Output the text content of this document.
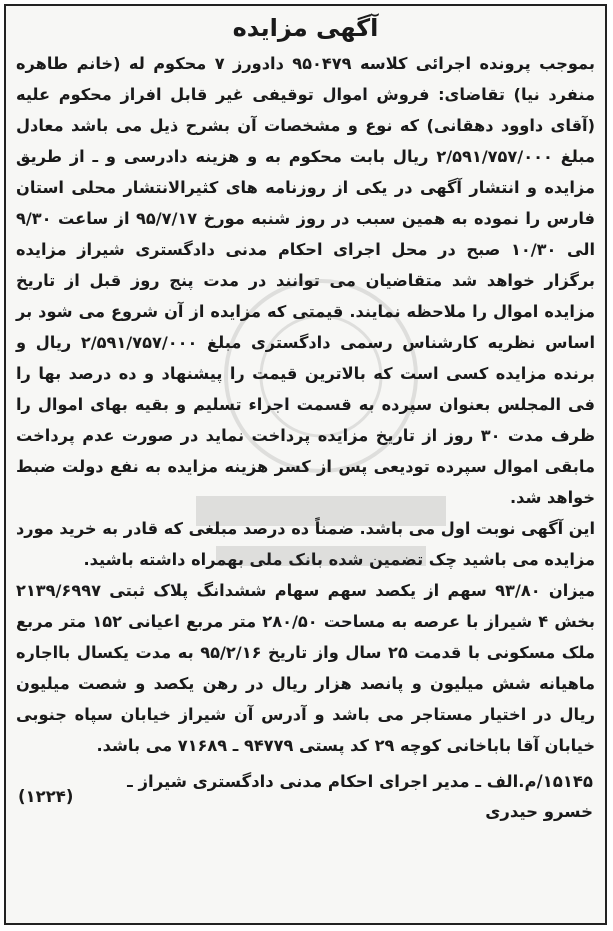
آگهی مزایده

بموجب پرونده اجرائی کلاسه ۹۵۰۴۷۹ دادورز ۷ محکوم له (خانم طاهره منفرد نیا) تقاضای: فروش اموال توقیفی غیر قابل افراز محکوم علیه (آقای داوود دهقانی) که نوع و مشخصات آن بشرح ذیل می باشد معادل مبلغ ۲/۵۹۱/۷۵۷/۰۰۰ ریال بابت محکوم به و هزینه دادرسی و ـ از طریق مزایده و انتشار آگهی در یکی از روزنامه های کثیرالانتشار محلی استان فارس را نموده به همین سبب در روز شنبه مورخ ۹۵/۷/۱۷ از ساعت ۹/۳۰ الی ۱۰/۳۰ صبح در محل اجرای احکام مدنی دادگستری شیراز مزایده برگزار خواهد شد متقاضیان می توانند در مدت پنج روز قبل از تاریخ مزایده اموال را ملاحظه نمایند. قیمتی که مزایده از آن شروع می شود بر اساس نظریه کارشناس رسمی دادگستری مبلغ ۲/۵۹۱/۷۵۷/۰۰۰ ریال و برنده مزایده کسی است که بالاترین قیمت را پیشنهاد و ده درصد بها را فی المجلس بعنوان سپرده به قسمت اجراء تسلیم و بقیه بهای اموال را ظرف مدت ۳۰ روز از تاریخ مزایده پرداخت نماید در صورت عدم پرداخت مابقی اموال سپرده تودیعی پس از کسر هزینه مزایده به نفع دولت ضبط خواهد شد.

این آگهی نوبت اول می باشد. ضمناً ده درصد مبلغی که قادر به خرید مورد مزایده می باشید چک تضمین شده بانک ملی بهمراه داشته باشید.

میزان ۹۳/۸۰ سهم از یکصد سهم سهام ششدانگ پلاک ثبتی ۲۱۳۹/۶۹۹۷ بخش ۴ شیراز با عرصه به مساحت ۲۸۰/۵۰ متر مربع اعیانی ۱۵۲ متر مربع ملک مسکونی با قدمت ۲۵ سال واز تاریخ ۹۵/۲/۱۶ به مدت یکسال بااجاره ماهیانه شش میلیون و پانصد هزار ریال در رهن یکصد و شصت میلیون ریال در اختیار مستاجر می باشد و آدرس آن شیراز خیابان سپاه جنوبی خیابان آقا باباخانی کوچه ۲۹ کد پستی ۹۴۷۷۹ ـ ۷۱۶۸۹ می باشد.

۱۵۱۴۵/م.الف ـ مدیر اجرای احکام مدنی دادگستری شیراز ـ خسرو حیدری
(۱۲۲۴)
